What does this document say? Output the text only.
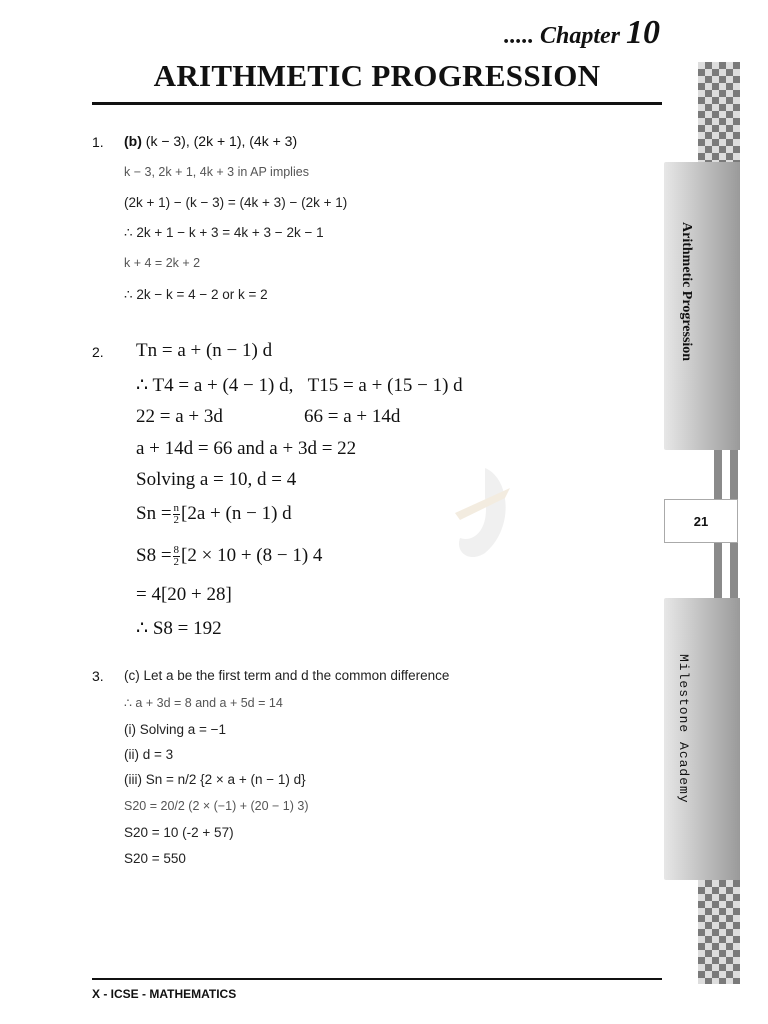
..... Chapter 10
ARITHMETIC PROGRESSION
1. (b) (k − 3), (2k + 1), (4k + 3)
k − 3, 2k + 1, 4k + 3 in AP implies
(2k + 1) − (k − 3) = (4k + 3) − (2k + 1)
∴ 2k + 1 − k + 3 = 4k + 3 − 2k − 1
k + 4 = 2k + 2
∴ 2k − k = 4 − 2 or k = 2
2. Tn = a + (n − 1) d
∴ T4 = a + (4 − 1) d, T15 = a + (15 − 1) d
22 = a + 3d	66 = a + 14d
a + 14d = 66 and a + 3d = 22
Solving a = 10, d = 4
$Sn = \frac{n}{2} [2a + (n - 1)$ d
$S8 = \frac{8}{2} [2 \times 10 + (8 - 1)$ 4
= 4[20 + 28]
∴ S8 = 192
3. (c) Let a be the first term and d the common difference
∴ a + 3d = 8 and a + 5d = 14
(i) Solving a = −1
(ii) d = 3
(iii) Sn = n/2 {2 × a + (n − 1) d}
S20 = 20/2 (2 × (−1) + (20 − 1) 3)
S20 = 10 (-2 + 57)
S20 = 550
X - ICSE - MATHEMATICS
Arithmetic Progression
21
Milestone Academy
